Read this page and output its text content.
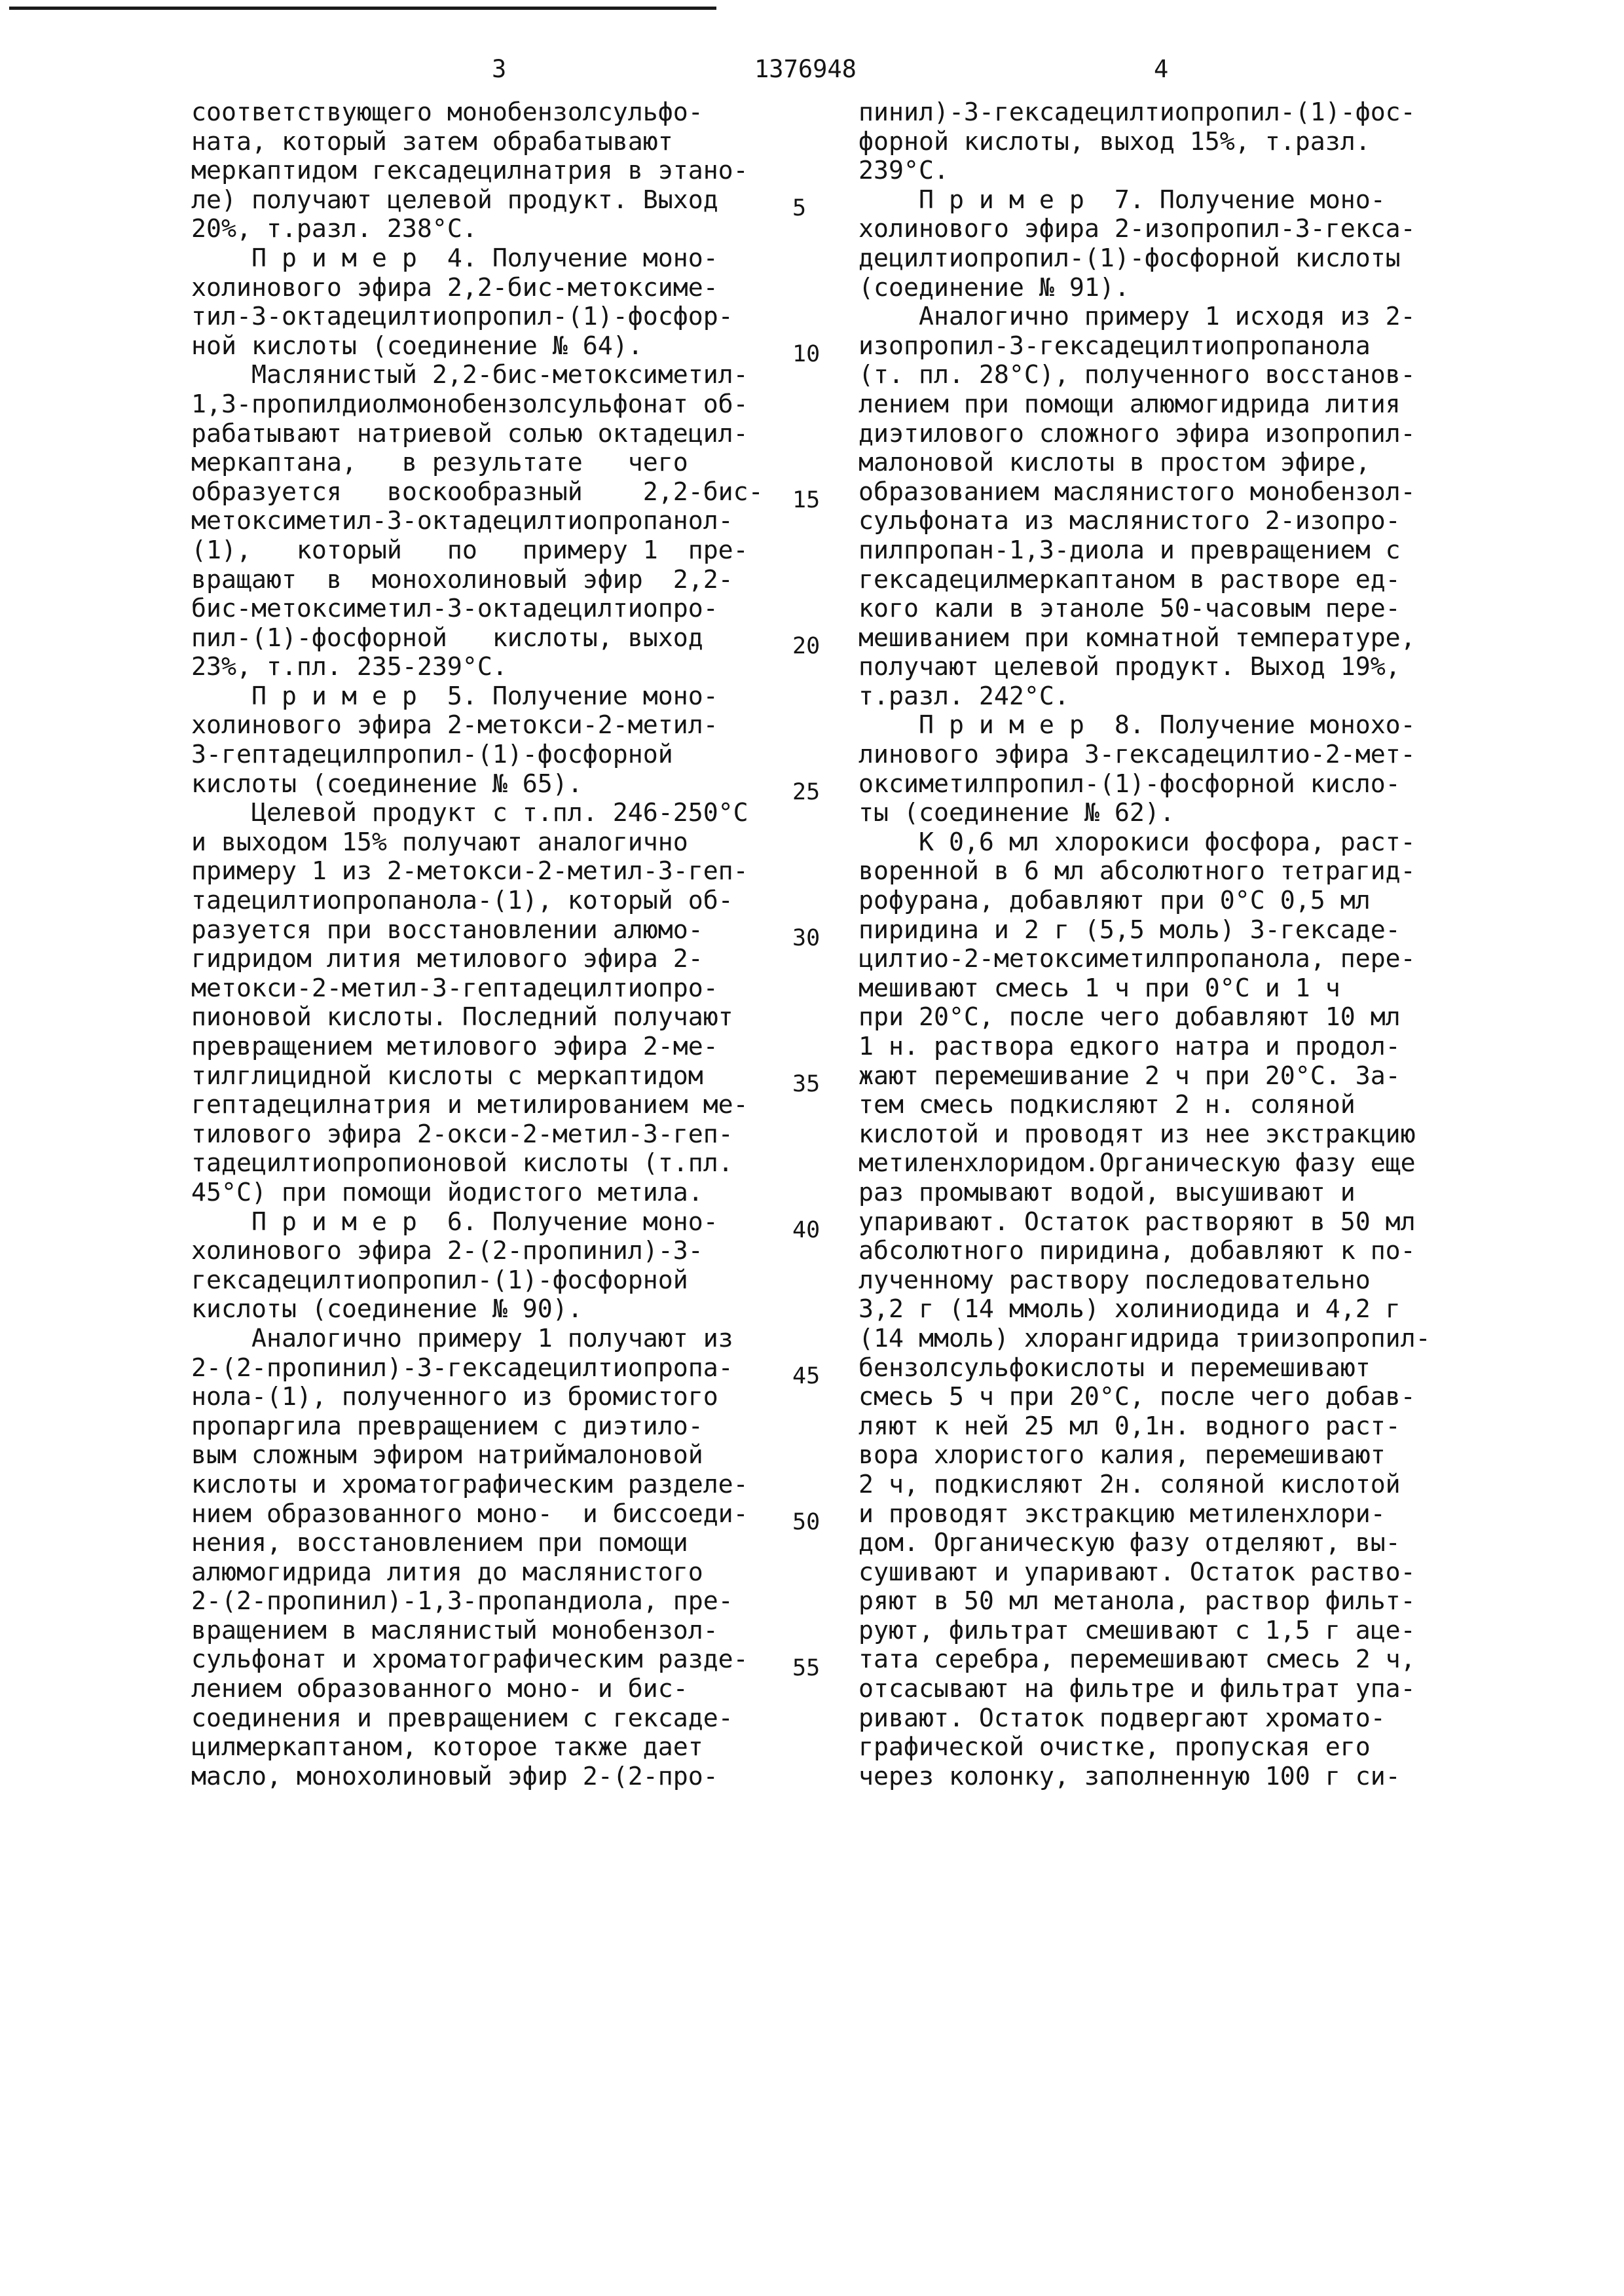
3	1376948	4
соответствующего монобензолсульфо-
ната, который затем обрабатывают
меркаптидом гексадецилнатрия в этано-
ле) получают целевой продукт. Выход
20%, т.разл. 238°С.
П р и м е р  4. Получение моно-
холинового эфира 2,2-бис-метоксиме-
тил-3-октадецилтиопропил-(1)-фосфор-
ной кислоты (соединение № 64).
Маслянистый 2,2-бис-метоксиметил-
1,3-пропилдиолмонобензолсульфонат об-
рабатывают натриевой солью октадецил-
меркаптана,   в результате   чего
образуется   воскообразный    2,2-бис-
метоксиметил-3-октадецилтиопропанол-
(1),   который   по   примеру 1  пре-
вращают  в  монохолиновый эфир  2,2-
бис-метоксиметил-3-октадецилтиопро-
пил-(1)-фосфорной   кислоты, выход
23%, т.пл. 235-239°С.
П р и м е р  5. Получение моно-
холинового эфира 2-метокси-2-метил-
3-гептадецилпропил-(1)-фосфорной
кислоты (соединение № 65).
Целевой продукт с т.пл. 246-250°С
и выходом 15% получают аналогично
примеру 1 из 2-метокси-2-метил-3-геп-
тадецилтиопропанола-(1), который об-
разуется при восстановлении алюмо-
гидридом лития метилового эфира 2-
метокси-2-метил-3-гептадецилтиопро-
пионовой кислоты. Последний получают
превращением метилового эфира 2-ме-
тилглицидной кислоты с меркаптидом
гептадецилнатрия и метилированием ме-
тилового эфира 2-окси-2-метил-3-геп-
тадецилтиопропионовой кислоты (т.пл.
45°С) при помощи йодистого метила.
П р и м е р  6. Получение моно-
холинового эфира 2-(2-пропинил)-3-
гексадецилтиопропил-(1)-фосфорной
кислоты (соединение № 90).
Аналогично примеру 1 получают из
2-(2-пропинил)-3-гексадецилтиопропа-
нола-(1), полученного из бромистого
пропаргила превращением с диэтило-
вым сложным эфиром натриймалоновой
кислоты и хроматографическим разделе-
нием образованного моно-  и биссоеди-
нения, восстановлением при помощи
алюмогидрида лития до маслянистого
2-(2-пропинил)-1,3-пропандиола, пре-
вращением в маслянистый монобензол-
сульфонат и хроматографическим разде-
лением образованного моно- и бис-
соединения и превращением с гексаде-
цилмеркаптаном, которое также дает
масло, монохолиновый эфир 2-(2-про-
пинил)-3-гексадецилтиопропил-(1)-фос-
форной кислоты, выход 15%, т.разл.
239°С.
П р и м е р  7. Получение моно-
холинового эфира 2-изопропил-3-гекса-
децилтиопропил-(1)-фосфорной кислоты
(соединение № 91).
Аналогично примеру 1 исходя из 2-
изопропил-3-гексадецилтиопропанола
(т. пл. 28°С), полученного восстанов-
лением при помощи алюмогидрида лития
диэтилового сложного эфира изопропил-
малоновой кислоты в простом эфире,
образованием маслянистого монобензол-
сульфоната из маслянистого 2-изопро-
пилпропан-1,3-диола и превращением с
гексадецилмеркаптаном в растворе ед-
кого кали в этаноле 50-часовым пере-
мешиванием при комнатной температуре,
получают целевой продукт. Выход 19%,
т.разл. 242°С.
П р и м е р  8. Получение монохо-
линового эфира 3-гексадецилтио-2-мет-
оксиметилпропил-(1)-фосфорной кисло-
ты (соединение № 62).
К 0,6 мл хлорокиси фосфора, раст-
воренной в 6 мл абсолютного тетрагид-
рофурана, добавляют при 0°С 0,5 мл
пиридина и 2 г (5,5 моль) 3-гексаде-
цилтио-2-метоксиметилпропанола, пере-
мешивают смесь 1 ч при 0°С и 1 ч
при 20°С, после чего добавляют 10 мл
1 н. раствора едкого натра и продол-
жают перемешивание 2 ч при 20°С. За-
тем смесь подкисляют 2 н. соляной
кислотой и проводят из нее экстракцию
метиленхлоридом.Органическую фазу еще
раз промывают водой, высушивают и
упаривают. Остаток растворяют в 50 мл
абсолютного пиридина, добавляют к по-
лученному раствору последовательно
3,2 г (14 ммоль) холиниодида и 4,2 г
(14 ммоль) хлорангидрида триизопропил-
бензолсульфокислоты и перемешивают
смесь 5 ч при 20°С, после чего добав-
ляют к ней 25 мл 0,1н. водного раст-
вора хлористого калия, перемешивают
2 ч, подкисляют 2н. соляной кислотой
и проводят экстракцию метиленхлори-
дом. Органическую фазу отделяют, вы-
сушивают и упаривают. Остаток раство-
ряют в 50 мл метанола, раствор фильт-
руют, фильтрат смешивают с 1,5 г аце-
тата серебра, перемешивают смесь 2 ч,
отсасывают на фильтре и фильтрат упа-
ривают. Остаток подвергают хромато-
графической очистке, пропуская его
через колонку, заполненную 100 г си-
5
10
15
20
25
30
35
40
45
50
55
